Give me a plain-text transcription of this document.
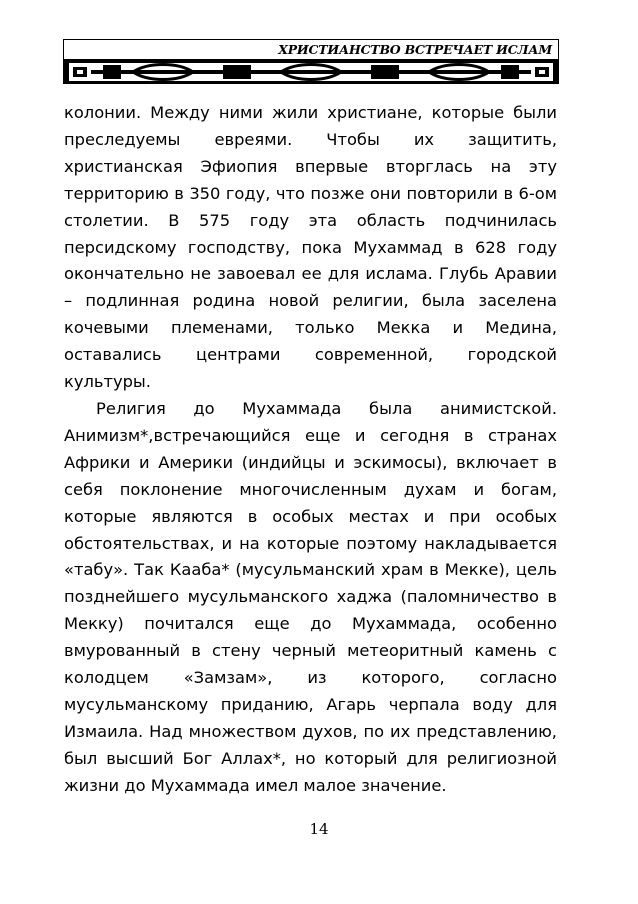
ХРИСТИАНСТВО ВСТРЕЧАЕТ ИСЛАМ

колонии. Между ними жили христиане, которые были преследуемы евреями. Чтобы их защитить, христианская Эфиопия впервые вторглась на эту территорию в 350 году, что позже они повторили в 6-ом столетии. В 575 году эта область подчинилась персидскому господству, пока Мухаммад в 628 году окончательно не завоевал ее для ислама. Глубь Аравии – подлинная родина новой религии, была заселена кочевыми племенами, только Мекка и Медина, оставались центрами современной, городской культуры.

Религия до Мухаммада была анимистской. Анимизм*,встречающийся еще и сегодня в странах Африки и Америки (индийцы и эскимосы), включает в себя поклонение многочисленным духам и богам, которые являются в особых местах и при особых обстоятельствах, и на которые поэтому накладывается «табу». Так Кааба* (мусульманский храм в Мекке), цель позднейшего мусульманского хаджа (паломничество в Мекку) почитался еще до Мухаммада, особенно вмурованный в стену черный метеоритный камень с колодцем «Замзам», из которого, согласно мусульманскому приданию, Агарь черпала воду для Измаила. Над множеством духов, по их представлению, был высший Бог Аллах*, но который для религиозной жизни до Мухаммада имел малое значение.

14
